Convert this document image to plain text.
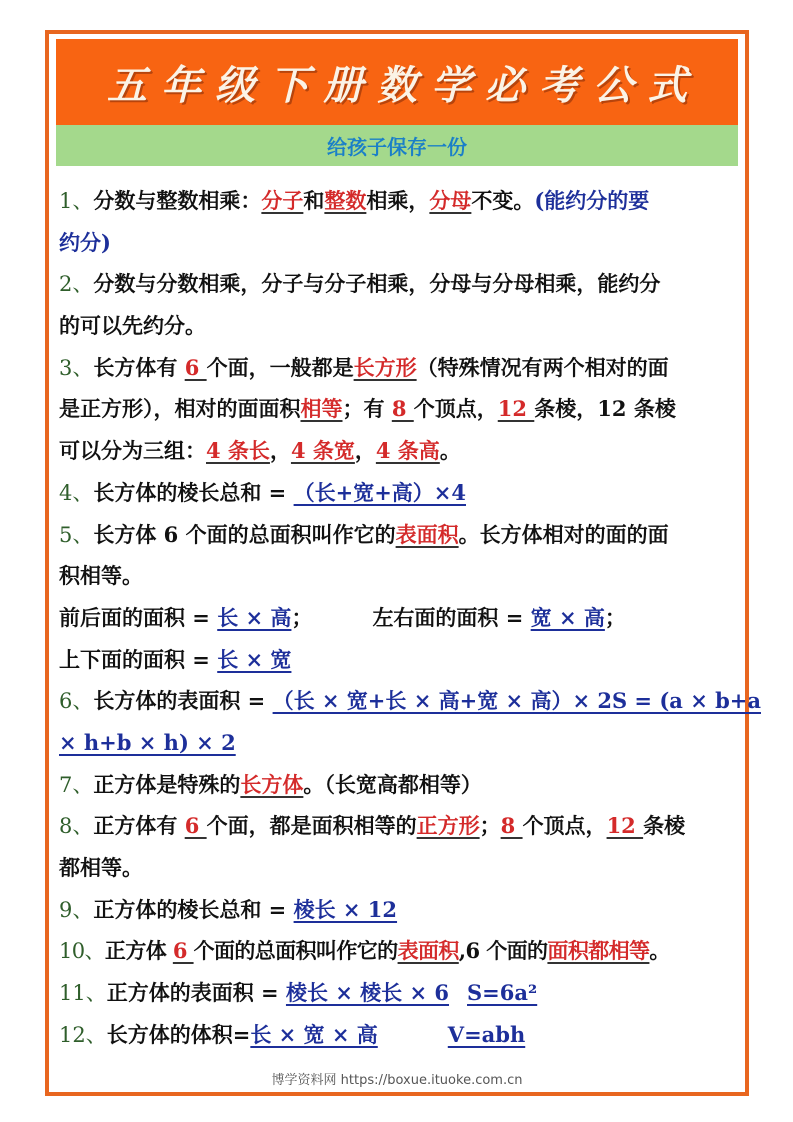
五年级下册数学必考公式
给孩子保存一份
1、分数与整数相乘：分子和整数相乘，分母不变。(能约分的要
约分)
2、分数与分数相乘，分子与分子相乘，分母与分母相乘，能约分
的可以先约分。
3、长方体有 6 个面，一般都是长方形（特殊情况有两个相对的面
是正方形），相对的面面积相等；有 8 个顶点，12 条棱，12 条棱
可以分为三组：4 条长，4 条宽，4 条高。
4、长方体的棱长总和 = （长+宽+高）×4
5、长方体 6 个面的总面积叫作它的表面积。长方体相对的面的面
积相等。
前后面的面积 = 长 × 高；	左右面的面积 = 宽 × 高；
上下面的面积 = 长 × 宽
6、长方体的表面积 = （长 × 宽+长 × 高+宽 × 高）× 2S = (a × b+a
× h+b × h) × 2
7、正方体是特殊的长方体。（长宽高都相等）
8、正方体有 6 个面，都是面积相等的正方形；8 个顶点，12 条棱
都相等。
9、正方体的棱长总和 = 棱长 × 12
10、正方体 6 个面的总面积叫作它的表面积,6 个面的面积都相等。
11、正方体的表面积 = 棱长 × 棱长 × 6 S=6a²
12、长方体的体积=长 × 宽 × 高	V=abh
博学资料网 https://boxue.ituoke.com.cn
